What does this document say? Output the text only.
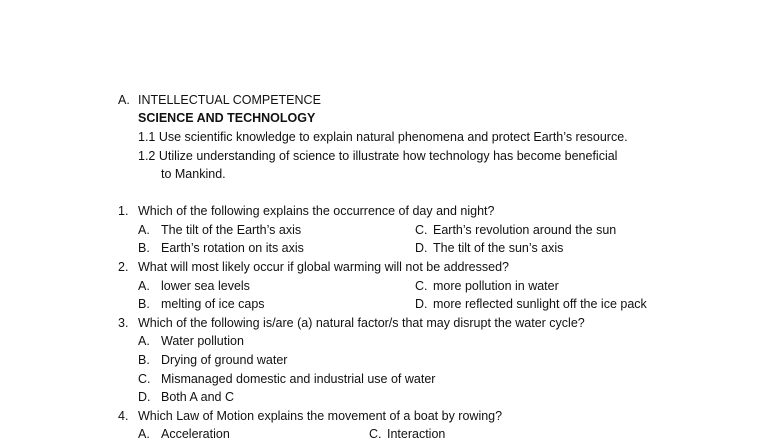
A. INTELLECTUAL COMPETENCE
SCIENCE AND TECHNOLOGY
1.1 Use scientific knowledge to explain natural phenomena and protect Earth’s resource.
1.2 Utilize understanding of science to illustrate how technology has become beneficial
to Mankind.
1. Which of the following explains the occurrence of day and night?
A. The tilt of the Earth’s axis
B. Earth’s rotation on its axis
C. Earth’s revolution around the sun
D. The tilt of the sun’s axis
2. What will most likely occur if global warming will not be addressed?
A. lower sea levels
B. melting of ice caps
C. more pollution in water
D. more reflected sunlight off the ice pack
3. Which of the following is/are (a) natural factor/s that may disrupt the water cycle?
A. Water pollution
B. Drying of ground water
C. Mismanaged domestic and industrial use of water
D. Both A and C
4. Which Law of Motion explains the movement of a boat by rowing?
A. Acceleration	C. Interaction
